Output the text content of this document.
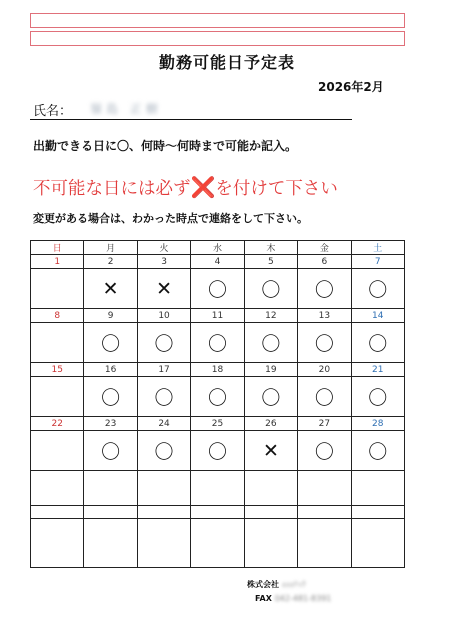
勤務可能日予定表
2026年2月
氏名： 嶺島 正樹
出勤できる日に〇、何時〜何時まで可能か記入。
不可能な日には必ず❌を付けて下さい
変更がある場合は、わかった時点で連絡をして下さい。
日	月	火	水	木	金	土
1	2	3	4	5	6	7
	✕	✕	〇	〇	〇	〇
8	9	10	11	12	13	14
	〇	〇	〇	〇	〇	〇
15	16	17	18	19	20	21
	〇	〇	〇	〇	〇	〇
22	23	24	25	26	27	28
	〇	〇	〇	✕	〇	〇

株式会社 ｫｫｫﾃｯｸ
FAX 042-481-8391
